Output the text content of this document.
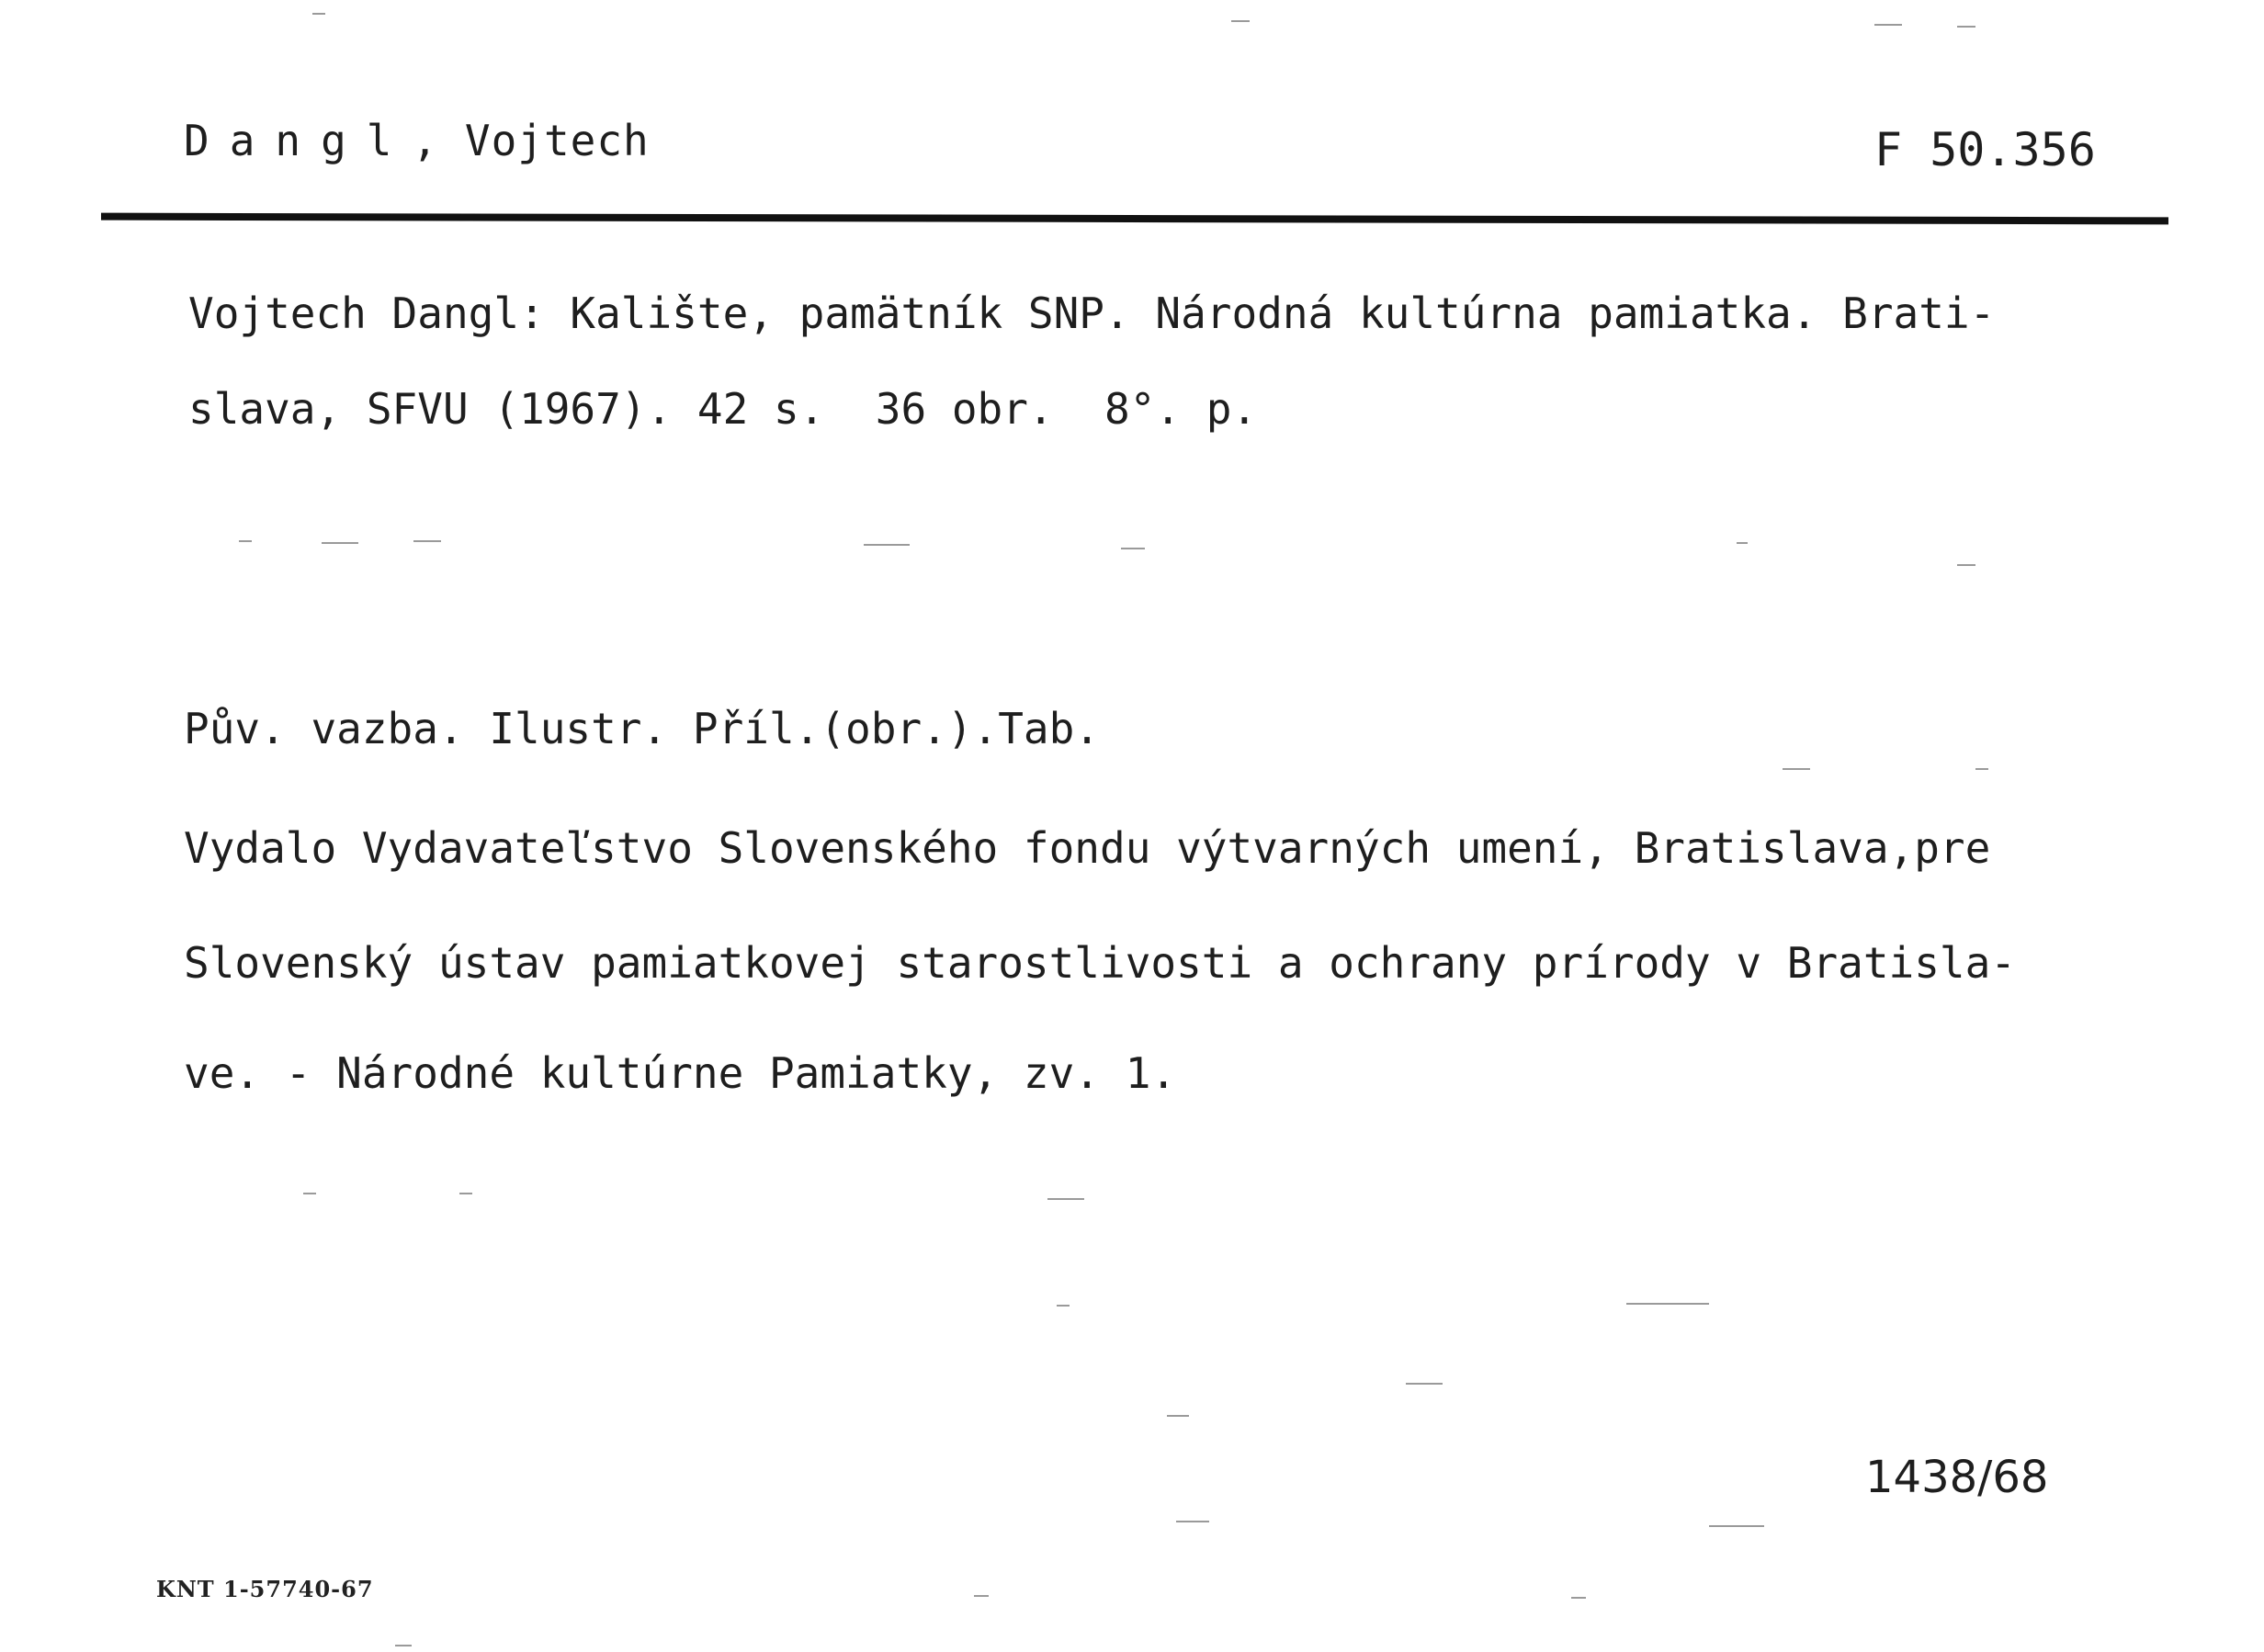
Dangl, Vojtech	F 50.356
Vojtech Dangl: Kalište, pamätník SNP. Národná kultúrna pamiatka. Brati-
slava, SFVU (1967). 42 s.  36 obr.  8°. p.
Pův. vazba. Ilustr. Příl.(obr.).Tab.
Vydalo Vydavateľstvo Slovenského fondu výtvarných umení, Bratislava,pre
Slovenský ústav pamiatkovej starostlivosti a ochrany prírody v Bratisla-
ve. - Národné kultúrne Pamiatky, zv. 1.
1438/68
KNT 1-57740-67
